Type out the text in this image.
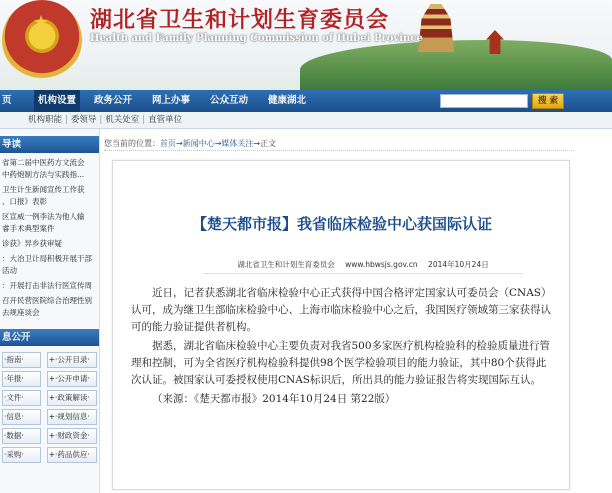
★ 湖北省卫生和计划生育委员会
Health and Family Planning Commission of Hubei Province
页	机构设置	政务公开 网上办事 公众互动 健康湖北	搜 索
机构职能 | 委领导 | 机关处室 | 直管单位
导读
省第二届中医药方文流会
中药炮制方法与实践指...
卫生计生新闻宣传工作获
、口报》表彰
区宣威一例李法为他人输
睿手术典型案件
诊获》异乡获审疑
：大冶卫计局积极开展干部
活动
：开展打击非法行医宣传周
召开民营医院综合治理性别
去规座谈会
息公开
·指南·	+·公开目录·
·年报·	+·公开申请·
·文件·	+·政策解读·
·信息·	+·规划信息·
·数据·	+·财政资金·
·采购·	+·药品供应·
您当前的位置：首页→新闻中心→媒体关注→正文
【楚天都市报】我省临床检验中心获国际认证
湖北省卫生和计划生育委员会 www.hbwsjs.gov.cn 2014年10月24日

近日，记者获悉湖北省临床检验中心正式获得中国合格评定国家认可委员会（CNAS）认可，成为继卫生部临床检验中心、上海市临床检验中心之后，我国医疗领域第三家获得认可的能力验证提供者机构。

据悉，湖北省临床检验中心主要负责对我省500多家医疗机构检验科的检验质量进行管理和控制，可为全省医疗机构检验科提供98个医学检验项目的能力验证，其中80个获得此次认证。被国家认可委授权使用CNAS标识后，所出具的能力验证报告将实现国际互认。

（来源：《楚天都市报》2014年10月24日 第22版）
